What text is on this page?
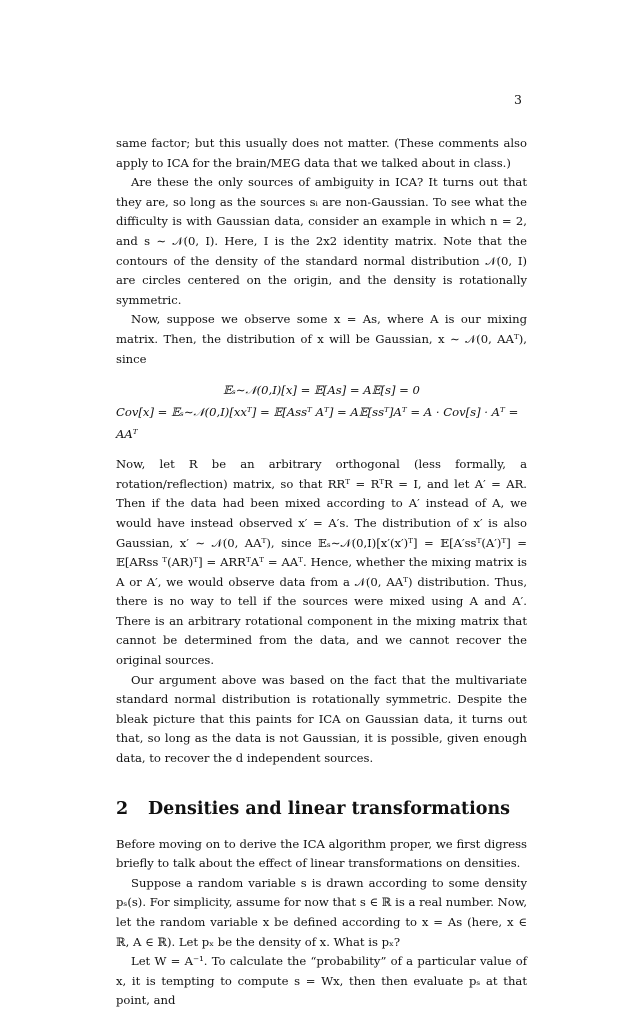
3

same factor; but this usually does not matter. (These comments also apply to ICA for the brain/MEG data that we talked about in class.)

Are these the only sources of ambiguity in ICA? It turns out that they are, so long as the sources sᵢ are non-Gaussian. To see what the difficulty is with Gaussian data, consider an example in which n = 2, and s ∼ 𝒩(0, I). Here, I is the 2x2 identity matrix. Note that the contours of the density of the standard normal distribution 𝒩(0, I) are circles centered on the origin, and the density is rotationally symmetric.

Now, suppose we observe some x = As, where A is our mixing matrix. Then, the distribution of x will be Gaussian, x ∼ 𝒩(0, AAᵀ), since

𝔼ₛ∼𝒩(0,I)[x] = 𝔼[As] = A𝔼[s] = 0
Cov[x] = 𝔼ₛ∼𝒩(0,I)[xxᵀ] = 𝔼[Assᵀ Aᵀ] = A𝔼[ssᵀ]Aᵀ = A · Cov[s] · Aᵀ = AAᵀ

Now, let R be an arbitrary orthogonal (less formally, a rotation/reflection) matrix, so that RRᵀ = RᵀR = I, and let A′ = AR. Then if the data had been mixed according to A′ instead of A, we would have instead observed x′ = A′s. The distribution of x′ is also Gaussian, x′ ∼ 𝒩(0, AAᵀ), since 𝔼ₛ∼𝒩(0,I)[x′(x′)ᵀ] = 𝔼[A′ssᵀ(A′)ᵀ] = 𝔼[ARss ᵀ(AR)ᵀ] = ARRᵀAᵀ = AAᵀ. Hence, whether the mixing matrix is A or A′, we would observe data from a 𝒩(0, AAᵀ) distribution. Thus, there is no way to tell if the sources were mixed using A and A′. There is an arbitrary rotational component in the mixing matrix that cannot be determined from the data, and we cannot recover the original sources.

Our argument above was based on the fact that the multivariate standard normal distribution is rotationally symmetric. Despite the bleak picture that this paints for ICA on Gaussian data, it turns out that, so long as the data is not Gaussian, it is possible, given enough data, to recover the d independent sources.

2 Densities and linear transformations

Before moving on to derive the ICA algorithm proper, we first digress briefly to talk about the effect of linear transformations on densities.

Suppose a random variable s is drawn according to some density pₛ(s). For simplicity, assume for now that s ∈ ℝ is a real number. Now, let the random variable x be defined according to x = As (here, x ∈ ℝ, A ∈ ℝ). Let pₓ be the density of x. What is pₓ?

Let W = A⁻¹. To calculate the “probability” of a particular value of x, it is tempting to compute s = Wx, then then evaluate pₛ at that point, and
